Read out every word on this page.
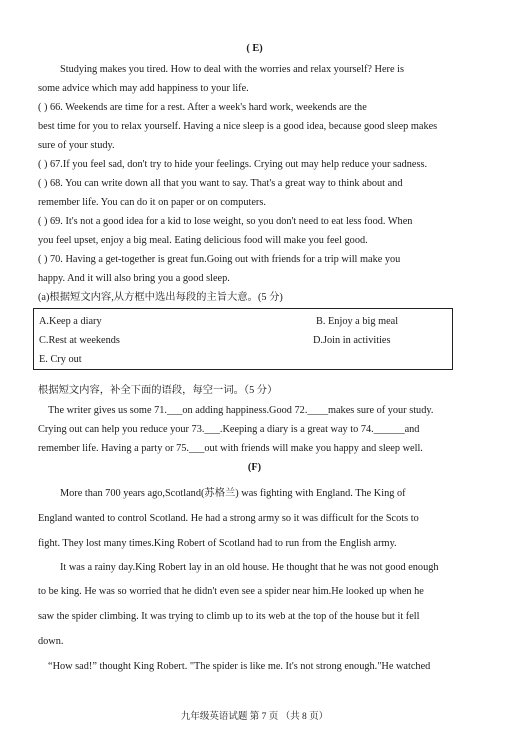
( E)
Studying makes you tired. How to deal with the worries and relax yourself? Here is
some advice which may add happiness to your life.
( ) 66. Weekends are time for a rest. After a week's hard work, weekends are the
best time for you to relax yourself. Having a nice sleep is a good idea, because good sleep makes
sure of your study.
( ) 67.If you feel sad, don't try to hide your feelings. Crying out may help reduce your sadness.
( ) 68. You can write down all that you want to say. That's a great way to think about and
remember life. You can do it on paper or on computers.
( ) 69. It's not a good idea for a kid to lose weight, so you don't need to eat less food. When
you feel upset, enjoy a big meal. Eating delicious food will make you feel good.
( ) 70. Having a get-together is great fun.Going out with friends for a trip will make you
happy. And it will also bring you a good sleep.
(a)根据短文内容,从方框中选出每段的主旨大意。(5 分)
A.Keep a diary	B. Enjoy a big meal
C.Rest at weekends	D.Join in activities
E. Cry out
根据短文内容，补全下面的语段，每空一词。（5 分）
The writer gives us some 71.___on adding happiness.Good 72.____makes sure of your study.
Crying out can help you reduce your 73.___.Keeping a diary is a great way to 74.______and
remember life. Having a party or 75.___out with friends will make you happy and sleep well.
(F)
More than 700 years ago,Scotland(苏格兰) was fighting with England. The King of
England wanted to control Scotland. He had a strong army so it was difficult for the Scots to
fight. They lost many times.King Robert of Scotland had to run from the English army.
It was a rainy day.King Robert lay in an old house. He thought that he was not good enough
to be king. He was so worried that he didn't even see a spider near him.He looked up when he
saw the spider climbing. It was trying to climb up to its web at the top of the house but it fell
down.
“How sad!” thought King Robert. "The spider is like me. It's not strong enough."He watched
九年级英语试题 第 7 页 （共 8 页）
